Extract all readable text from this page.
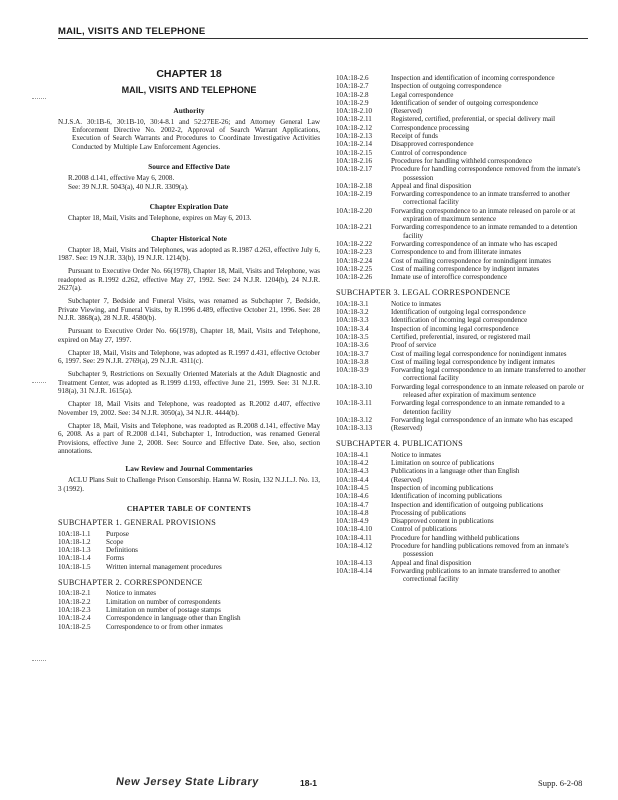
MAIL, VISITS AND TELEPHONE
CHAPTER 18
MAIL, VISITS AND TELEPHONE
Authority

N.J.S.A. 30:1B-6, 30:1B-10, 30:4-8.1 and 52:27EE-26; and Attorney General Law Enforcement Directive No. 2002-2, Approval of Search Warrant Applications, Execution of Search Warrants and Procedures to Coordinate Investigative Activities Conducted by Multiple Law Enforcement Agencies.

Source and Effective Date

R.2008 d.141, effective May 6, 2008.

See: 39 N.J.R. 5043(a), 40 N.J.R. 3309(a).

Chapter Expiration Date

Chapter 18, Mail, Visits and Telephone, expires on May 6, 2013.

Chapter Historical Note

Chapter 18, Mail, Visits and Telephones, was adopted as R.1987 d.263, effective July 6, 1987. See: 19 N.J.R. 33(b), 19 N.J.R. 1214(b).

Pursuant to Executive Order No. 66(1978), Chapter 18, Mail, Visits and Telephone, was readopted as R.1992 d.262, effective May 27, 1992. See: 24 N.J.R. 1204(b), 24 N.J.R. 2627(a).

Subchapter 7, Bedside and Funeral Visits, was renamed as Subchapter 7, Bedside, Private Viewing, and Funeral Visits, by R.1996 d.489, effective October 21, 1996. See: 28 N.J.R. 3868(a), 28 N.J.R. 4580(b).

Pursuant to Executive Order No. 66(1978), Chapter 18, Mail, Visits and Telephone, expired on May 27, 1997.

Chapter 18, Mail, Visits and Telephone, was adopted as R.1997 d.431, effective October 6, 1997. See: 29 N.J.R. 2769(a), 29 N.J.R. 4311(c).

Subchapter 9, Restrictions on Sexually Oriented Materials at the Adult Diagnostic and Treatment Center, was adopted as R.1999 d.193, effective June 21, 1999. See: 31 N.J.R. 918(a), 31 N.J.R. 1615(a).

Chapter 18, Mail Visits and Telephone, was readopted as R.2002 d.407, effective November 19, 2002. See: 34 N.J.R. 3050(a), 34 N.J.R. 4444(b).

Chapter 18, Mail, Visits and Telephone, was readopted as R.2008 d.141, effective May 6, 2008. As a part of R.2008 d.141, Subchapter 1, Introduction, was renamed General Provisions, effective June 2, 2008. See: Source and Effective Date. See, also, section annotations.

Law Review and Journal Commentaries

ACLU Plans Suit to Challenge Prison Censorship. Hanna W. Rosin, 132 N.J.L.J. No. 13, 3 (1992).

CHAPTER TABLE OF CONTENTS
SUBCHAPTER 1. GENERAL PROVISIONS
10A:18-1.1	Purpose
10A:18-1.2	Scope
10A:18-1.3	Definitions
10A:18-1.4	Forms
10A:18-1.5	Written internal management procedures
SUBCHAPTER 2. CORRESPONDENCE
10A:18-2.1	Notice to inmates
10A:18-2.2	Limitation on number of correspondents
10A:18-2.3	Limitation on number of postage stamps
10A:18-2.4	Correspondence in language other than English
10A:18-2.5	Correspondence to or from other inmates
10A:18-2.6	Inspection and identification of incoming correspondence
10A:18-2.7	Inspection of outgoing correspondence
10A:18-2.8	Legal correspondence
10A:18-2.9	Identification of sender of outgoing correspondence
10A:18-2.10	(Reserved)
10A:18-2.11	Registered, certified, preferential, or special delivery mail
10A:18-2.12	Correspondence processing
10A:18-2.13	Receipt of funds
10A:18-2.14	Disapproved correspondence
10A:18-2.15	Control of correspondence
10A:18-2.16	Procedures for handling withheld correspondence
10A:18-2.17	Procedure for handling correspondence removed from the inmate's possession
10A:18-2.18	Appeal and final disposition
10A:18-2.19	Forwarding correspondence to an inmate transferred to another correctional facility
10A:18-2.20	Forwarding correspondence to an inmate released on parole or at expiration of maximum sentence
10A:18-2.21	Forwarding correspondence to an inmate remanded to a detention facility
10A:18-2.22	Forwarding correspondence of an inmate who has escaped
10A:18-2.23	Correspondence to and from illiterate inmates
10A:18-2.24	Cost of mailing correspondence for nonindigent inmates
10A:18-2.25	Cost of mailing correspondence by indigent inmates
10A:18-2.26	Inmate use of interoffice correspondence
SUBCHAPTER 3. LEGAL CORRESPONDENCE
10A:18-3.1	Notice to inmates
10A:18-3.2	Identification of outgoing legal correspondence
10A:18-3.3	Identification of incoming legal correspondence
10A:18-3.4	Inspection of incoming legal correspondence
10A:18-3.5	Certified, preferential, insured, or registered mail
10A:18-3.6	Proof of service
10A:18-3.7	Cost of mailing legal correspondence for nonindigent inmates
10A:18-3.8	Cost of mailing legal correspondence by indigent inmates
10A:18-3.9	Forwarding legal correspondence to an inmate transferred to another correctional facility
10A:18-3.10	Forwarding legal correspondence to an inmate released on parole or released after expiration of maximum sentence
10A:18-3.11	Forwarding legal correspondence to an inmate remanded to a detention facility
10A:18-3.12	Forwarding legal correspondence of an inmate who has escaped
10A:18-3.13	(Reserved)
SUBCHAPTER 4. PUBLICATIONS
10A:18-4.1	Notice to inmates
10A:18-4.2	Limitation on source of publications
10A:18-4.3	Publications in a language other than English
10A:18-4.4	(Reserved)
10A:18-4.5	Inspection of incoming publications
10A:18-4.6	Identification of incoming publications
10A:18-4.7	Inspection and identification of outgoing publications
10A:18-4.8	Processing of publications
10A:18-4.9	Disapproved content in publications
10A:18-4.10	Control of publications
10A:18-4.11	Procedure for handling withheld publications
10A:18-4.12	Procedure for handling publications removed from an inmate's possession
10A:18-4.13	Appeal and final disposition
10A:18-4.14	Forwarding publications to an inmate transferred to another correctional facility
New Jersey State Library	18-1	Supp. 6-2-08
